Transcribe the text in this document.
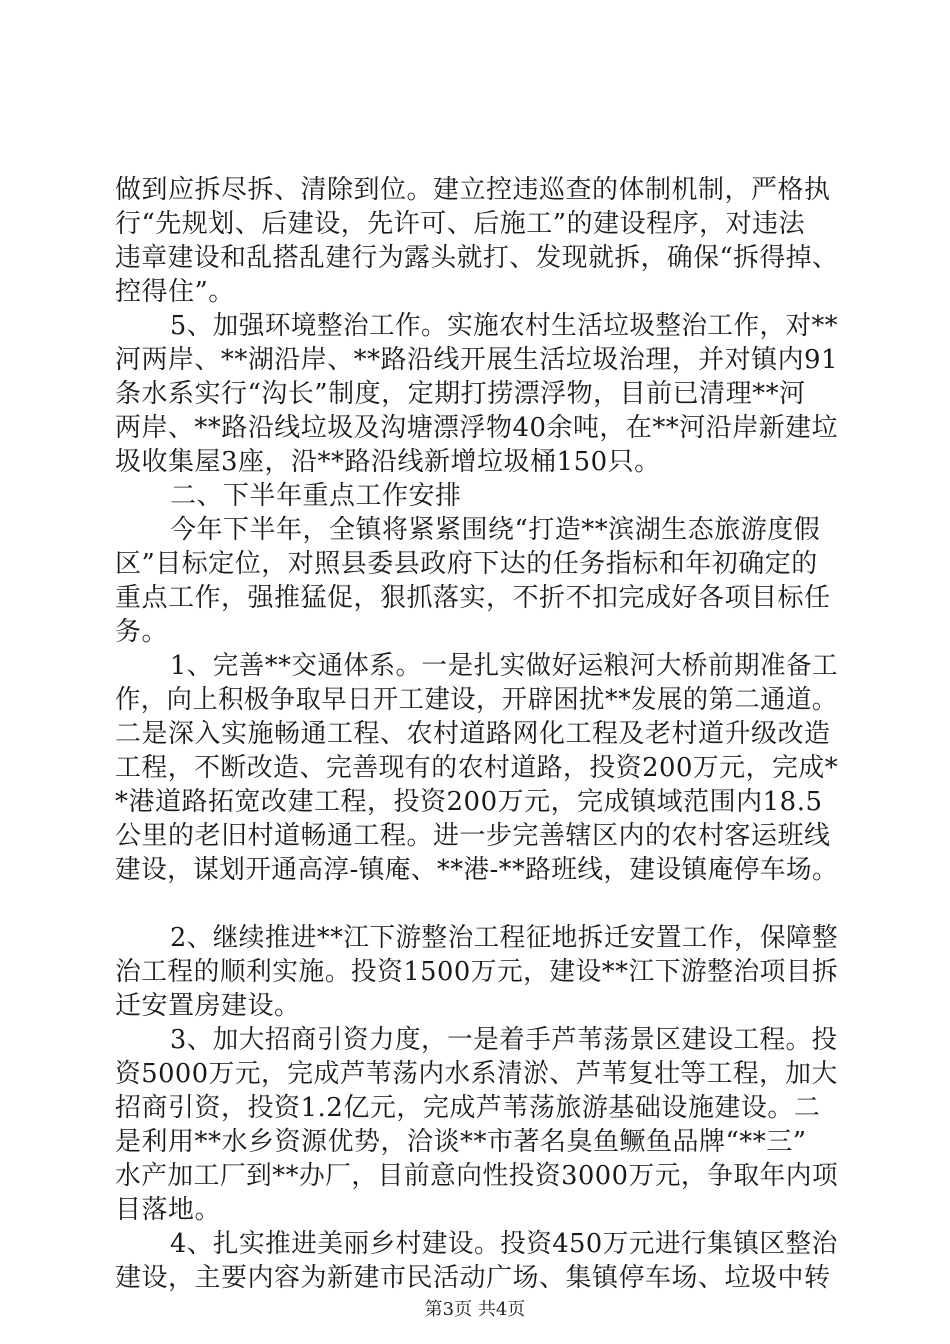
做到应拆尽拆、清除到位。建立控违巡查的体制机制，严格执
行“先规划、后建设，先许可、后施工”的建设程序，对违法
违章建设和乱搭乱建行为露头就打、发现就拆，确保“拆得掉、
控得住”。
5、加强环境整治工作。实施农村生活垃圾整治工作，对**
河两岸、**湖沿岸、**路沿线开展生活垃圾治理，并对镇内91
条水系实行“沟长”制度，定期打捞漂浮物，目前已清理**河
两岸、**路沿线垃圾及沟塘漂浮物40余吨，在**河沿岸新建垃
圾收集屋3座，沿**路沿线新增垃圾桶150只。
二、下半年重点工作安排
今年下半年，全镇将紧紧围绕“打造**滨湖生态旅游度假
区”目标定位，对照县委县政府下达的任务指标和年初确定的
重点工作，强推猛促，狠抓落实，不折不扣完成好各项目标任
务。
1、完善**交通体系。一是扎实做好运粮河大桥前期准备工
作，向上积极争取早日开工建设，开辟困扰**发展的第二通道。
二是深入实施畅通工程、农村道路网化工程及老村道升级改造
工程，不断改造、完善现有的农村道路，投资200万元，完成*
*港道路拓宽改建工程，投资200万元，完成镇域范围内18.5
公里的老旧村道畅通工程。进一步完善辖区内的农村客运班线
建设，谋划开通高淳-镇庵、**港-**路班线，建设镇庵停车场。
2、继续推进**江下游整治工程征地拆迁安置工作，保障整
治工程的顺利实施。投资1500万元，建设**江下游整治项目拆
迁安置房建设。
3、加大招商引资力度，一是着手芦苇荡景区建设工程。投
资5000万元，完成芦苇荡内水系清淤、芦苇复壮等工程，加大
招商引资，投资1.2亿元，完成芦苇荡旅游基础设施建设。二
是利用**水乡资源优势，洽谈**市著名臭鱼鳜鱼品牌“**三”
水产加工厂到**办厂，目前意向性投资3000万元，争取年内项
目落地。
4、扎实推进美丽乡村建设。投资450万元进行集镇区整治
建设，主要内容为新建市民活动广场、集镇停车场、垃圾中转
第3页 共4页
